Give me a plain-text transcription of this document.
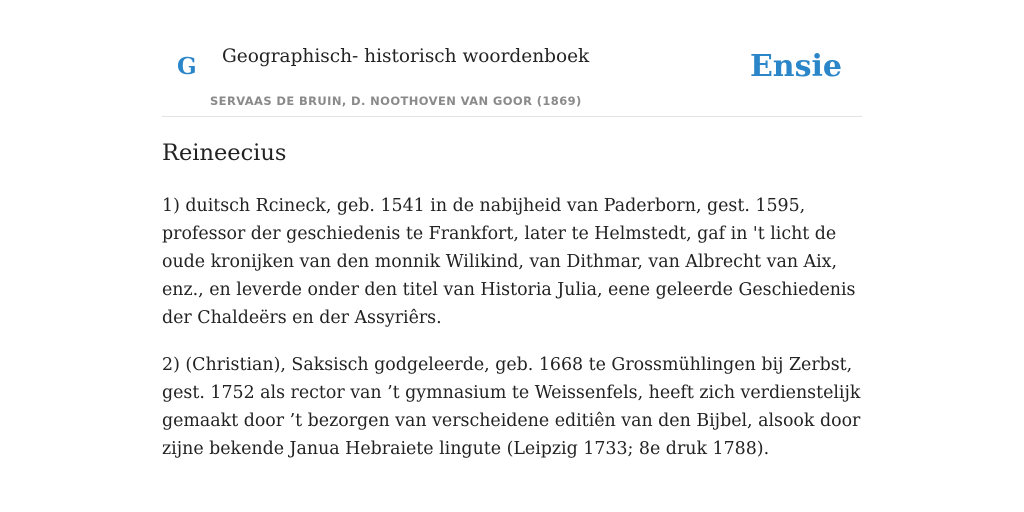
G Geographisch- historisch woordenboek
SERVAAS DE BRUIN, D. NOOTHOVEN VAN GOOR (1869)
Ensie
Reineecius

1) duitsch Rcineck, geb. 1541 in de nabijheid van Paderborn, gest. 1595, professor der geschiedenis te Frankfort, later te Helmstedt, gaf in 't licht de oude kronijken van den monnik Wilikind, van Dithmar, van Albrecht van Aix, enz., en leverde onder den titel van Historia Julia, eene geleerde Geschiedenis der Chaldeërs en der Assyriêrs.

2) (Christian), Saksisch godgeleerde, geb. 1668 te Grossmühlingen bij Zerbst, gest. 1752 als rector van ’t gymnasium te Weissenfels, heeft zich verdienstelijk gemaakt door ’t bezorgen van verscheidene editiên van den Bijbel, alsook door zijne bekende Janua Hebraiete lingute (Leipzig 1733; 8e druk 1788).
